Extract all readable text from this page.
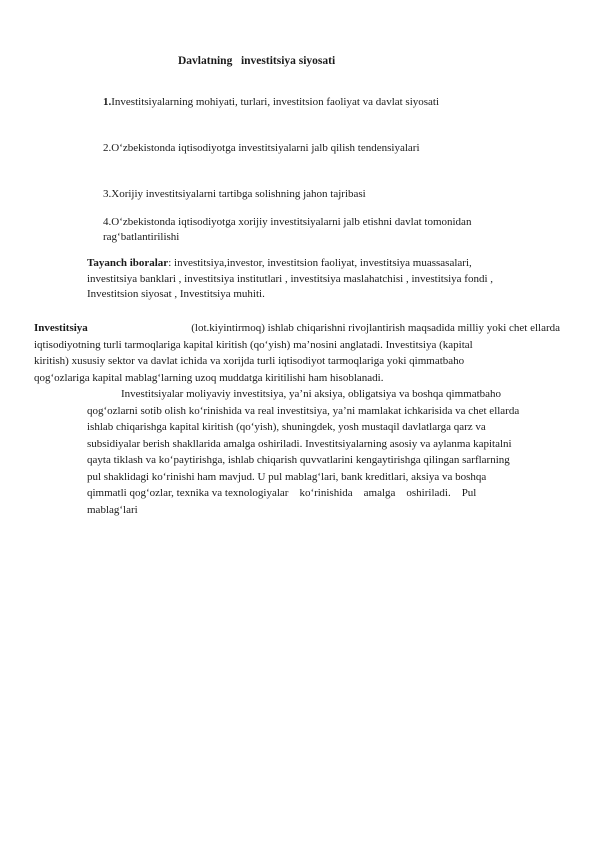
Davlatning   investitsiya siyosati
1.Investitsiyalarning mohiyati, turlari, investitsion faoliyat va davlat siyosati
2.O‘zbekistonda iqtisodiyotga investitsiyalarni jalb qilish tendensiyalari
3.Xorijiy investitsiyalarni tartibga solishning jahon tajribasi
4.O‘zbekistonda iqtisodiyotga xorijiy investitsiyalarni jalb etishni davlat tomonidan
rag‘batlantirilishi
Tayanch iboralar: investitsiya,investor, investitsion faoliyat, investitsiya muassasalari,
investitsiya banklari , investitsiya institutlari , investitsiya maslahatchisi , investitsiya fondi ,
Investitsion siyosat , Investitsiya muhiti.
Investitsiya	(lot.kiyintirmoq) ishlab chiqarishni rivojlantirish maqsadida milliy yoki chet ellarda
iqtisodiyotning turli tarmoqlariga kapital kiritish (qo‘yish) ma’nosini anglatadi. Investitsiya (kapital
kiritish) xususiy sektor va davlat ichida va xorijda turli iqtisodiyot tarmoqlariga yoki qimmatbaho
qog‘ozlariga kapital mablag‘larning uzoq muddatga kiritilishi ham hisoblanadi.
Investitsiyalar moliyaviy investitsiya, ya’ni aksiya, obligatsiya va boshqa qimmatbaho
qog‘ozlarni sotib olish ko‘rinishida va real investitsiya, ya’ni mamlakat ichkarisida va chet ellarda
ishlab chiqarishga kapital kiritish (qo‘yish), shuningdek, yosh mustaqil davlatlarga qarz va
subsidiyalar berish shakllarida amalga oshiriladi. Investitsiyalarning asosiy va aylanma kapitalni
qayta tiklash va ko‘paytirishga, ishlab chiqarish quvvatlarini kengaytirishga qilingan sarflarning
pul shaklidagi ko‘rinishi ham mavjud. U pul mablag‘lari, bank kreditlari, aksiya va boshqa
qimmatli qog‘ozlar, texnika va texnologiyalar    ko‘rinishida    amalga    oshiriladi.    Pul
mablag‘lari
